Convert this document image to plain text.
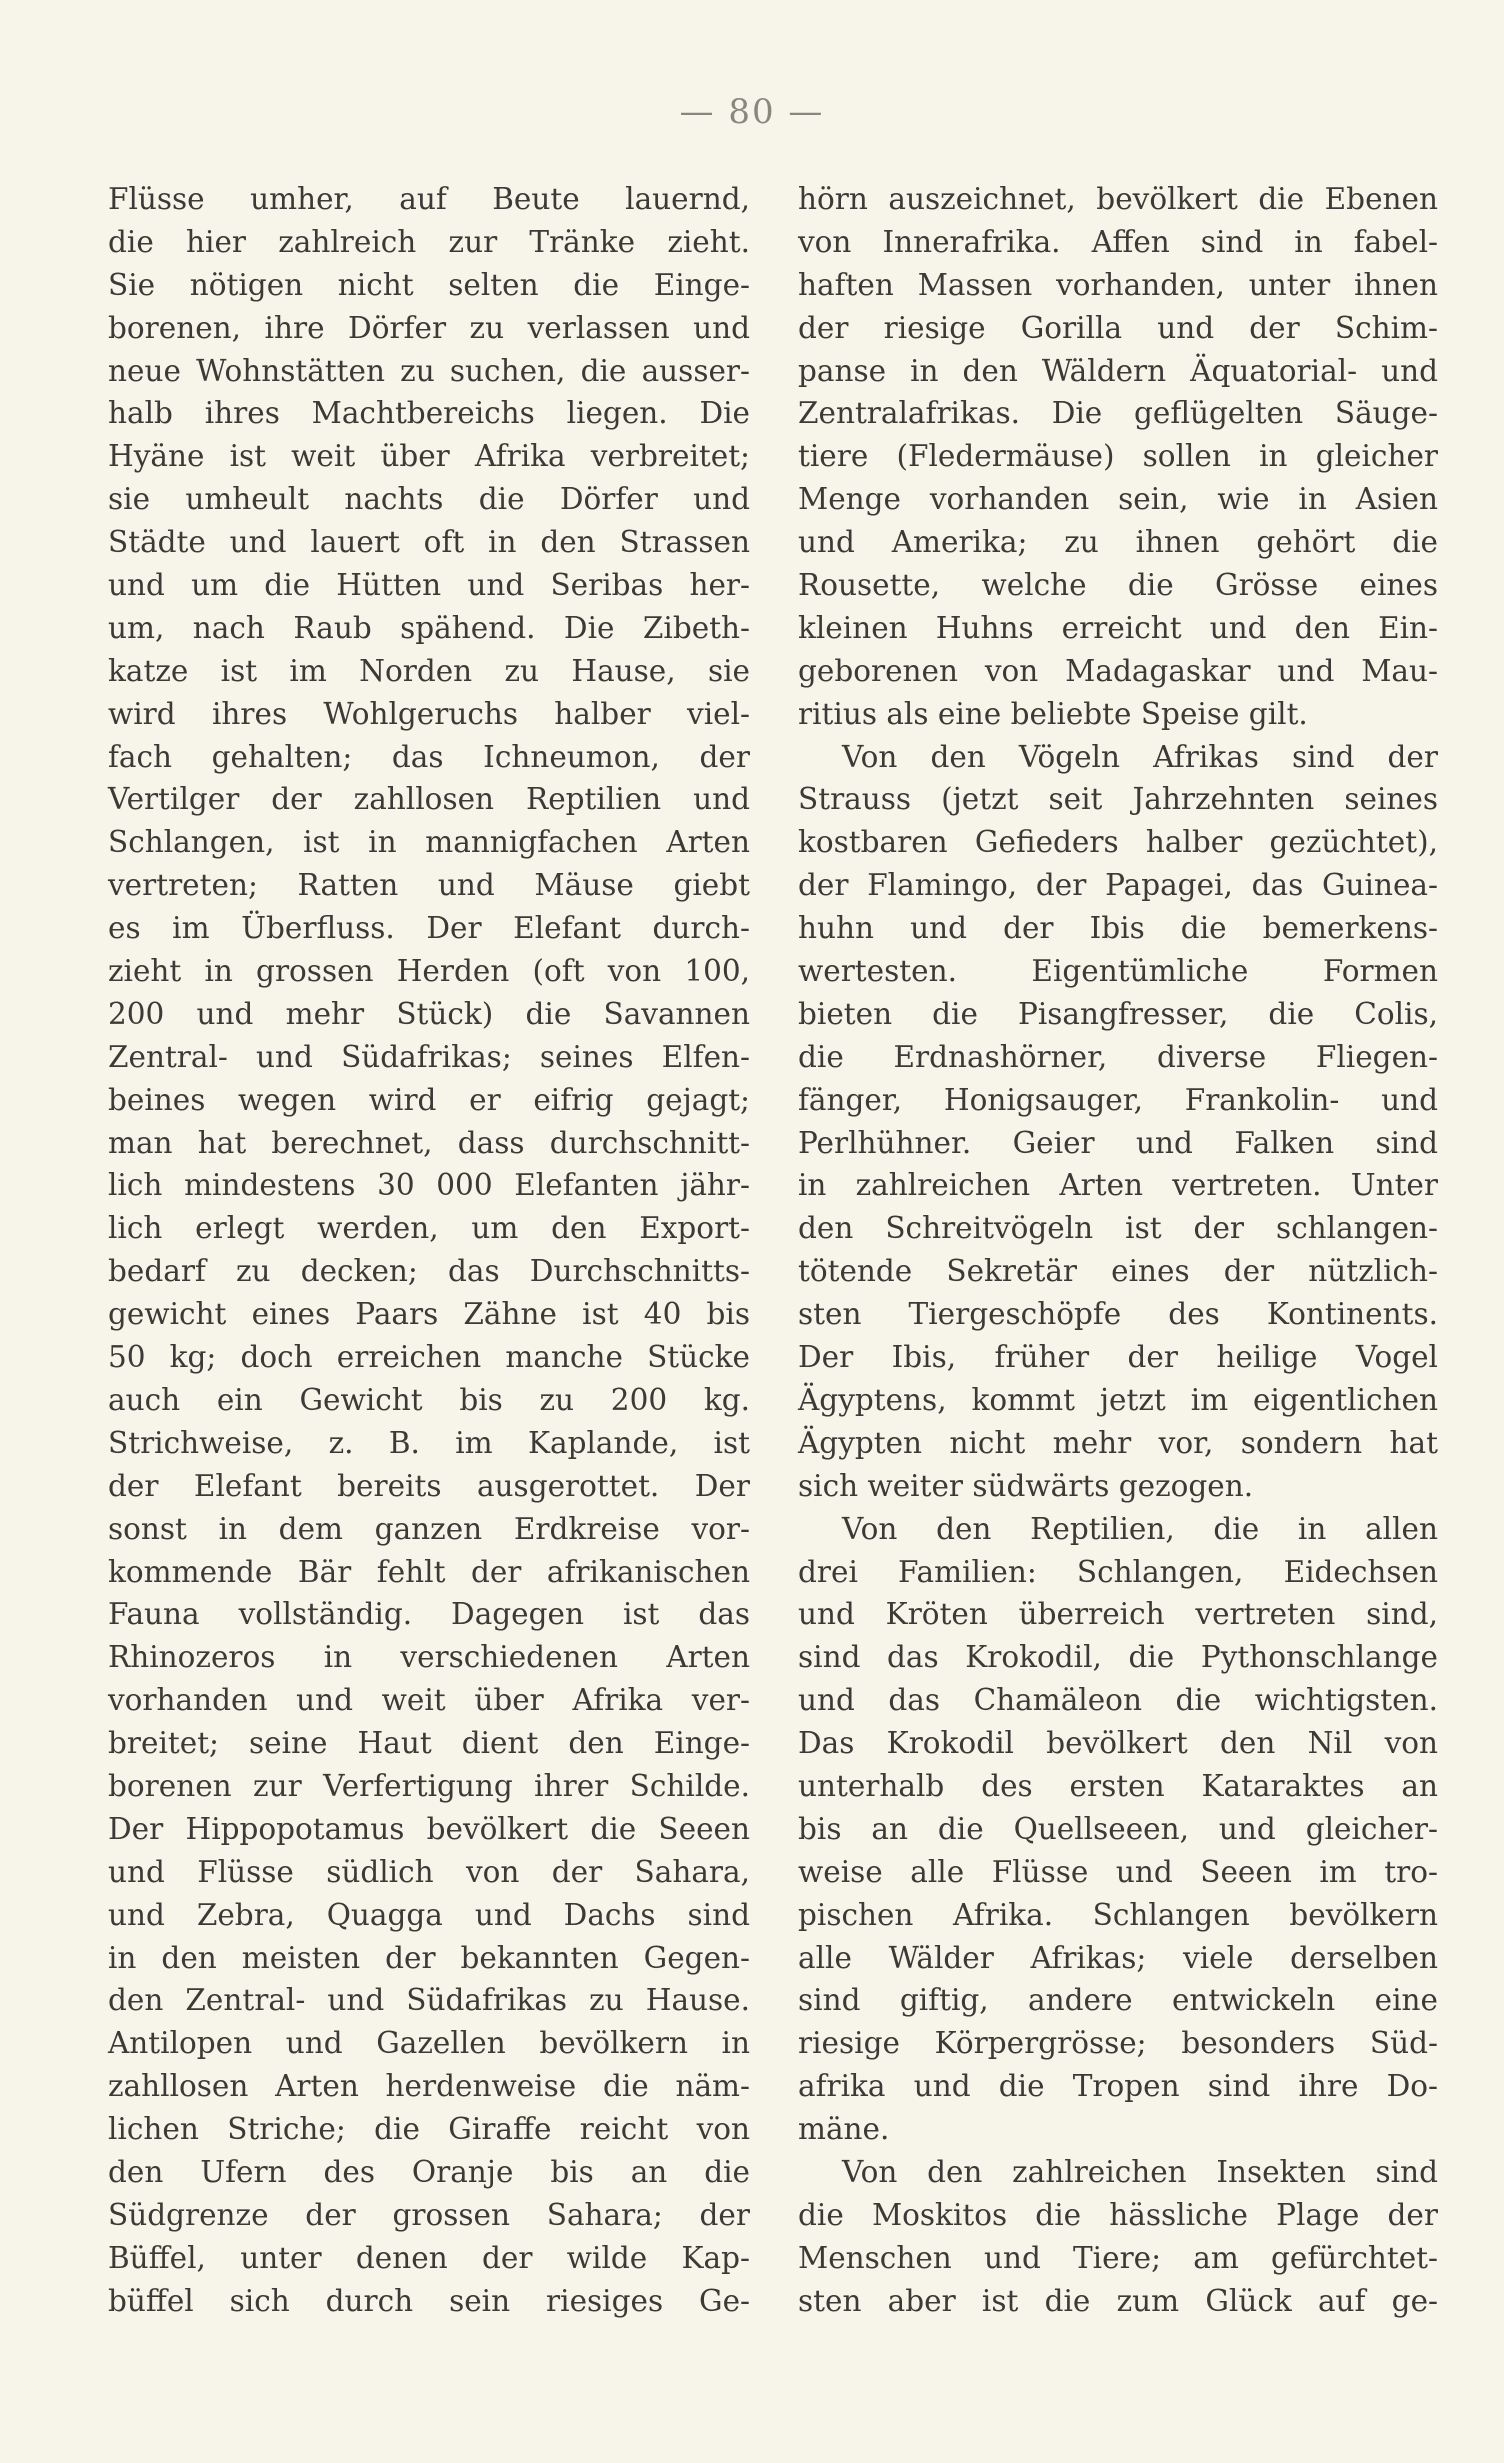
— 80 —
Flüsse umher, auf Beute lauernd,
die hier zahlreich zur Tränke zieht.
Sie nötigen nicht selten die Einge-
borenen, ihre Dörfer zu verlassen und
neue Wohnstätten zu suchen, die ausser-
halb ihres Machtbereichs liegen. Die
Hyäne ist weit über Afrika verbreitet;
sie umheult nachts die Dörfer und
Städte und lauert oft in den Strassen
und um die Hütten und Seribas her-
um, nach Raub spähend. Die Zibeth-
katze ist im Norden zu Hause, sie
wird ihres Wohlgeruchs halber viel-
fach gehalten; das Ichneumon, der
Vertilger der zahllosen Reptilien und
Schlangen, ist in mannigfachen Arten
vertreten; Ratten und Mäuse giebt
es im Überfluss. Der Elefant durch-
zieht in grossen Herden (oft von 100,
200 und mehr Stück) die Savannen
Zentral- und Südafrikas; seines Elfen-
beines wegen wird er eifrig gejagt;
man hat berechnet, dass durchschnitt-
lich mindestens 30 000 Elefanten jähr-
lich erlegt werden, um den Export-
bedarf zu decken; das Durchschnitts-
gewicht eines Paars Zähne ist 40 bis
50 kg; doch erreichen manche Stücke
auch ein Gewicht bis zu 200 kg.
Strichweise, z. B. im Kaplande, ist
der Elefant bereits ausgerottet. Der
sonst in dem ganzen Erdkreise vor-
kommende Bär fehlt der afrikanischen
Fauna vollständig. Dagegen ist das
Rhinozeros in verschiedenen Arten
vorhanden und weit über Afrika ver-
breitet; seine Haut dient den Einge-
borenen zur Verfertigung ihrer Schilde.
Der Hippopotamus bevölkert die Seeen
und Flüsse südlich von der Sahara,
und Zebra, Quagga und Dachs sind
in den meisten der bekannten Gegen-
den Zentral- und Südafrikas zu Hause.
Antilopen und Gazellen bevölkern in
zahllosen Arten herdenweise die näm-
lichen Striche; die Giraffe reicht von
den Ufern des Oranje bis an die
Südgrenze der grossen Sahara; der
Büffel, unter denen der wilde Kap-
büffel sich durch sein riesiges Ge-
hörn auszeichnet, bevölkert die Ebenen
von Innerafrika. Affen sind in fabel-
haften Massen vorhanden, unter ihnen
der riesige Gorilla und der Schim-
panse in den Wäldern Äquatorial- und
Zentralafrikas. Die geflügelten Säuge-
tiere (Fledermäuse) sollen in gleicher
Menge vorhanden sein, wie in Asien
und Amerika; zu ihnen gehört die
Rousette, welche die Grösse eines
kleinen Huhns erreicht und den Ein-
geborenen von Madagaskar und Mau-
ritius als eine beliebte Speise gilt.
Von den Vögeln Afrikas sind der
Strauss (jetzt seit Jahrzehnten seines
kostbaren Gefieders halber gezüchtet),
der Flamingo, der Papagei, das Guinea-
huhn und der Ibis die bemerkens-
wertesten. Eigentümliche Formen
bieten die Pisangfresser, die Colis,
die Erdnashörner, diverse Fliegen-
fänger, Honigsauger, Frankolin- und
Perlhühner. Geier und Falken sind
in zahlreichen Arten vertreten. Unter
den Schreitvögeln ist der schlangen-
tötende Sekretär eines der nützlich-
sten Tiergeschöpfe des Kontinents.
Der Ibis, früher der heilige Vogel
Ägyptens, kommt jetzt im eigentlichen
Ägypten nicht mehr vor, sondern hat
sich weiter südwärts gezogen.
Von den Reptilien, die in allen
drei Familien: Schlangen, Eidechsen
und Kröten überreich vertreten sind,
sind das Krokodil, die Pythonschlange
und das Chamäleon die wichtigsten.
Das Krokodil bevölkert den Nil von
unterhalb des ersten Kataraktes an
bis an die Quellseeen, und gleicher-
weise alle Flüsse und Seeen im tro-
pischen Afrika. Schlangen bevölkern
alle Wälder Afrikas; viele derselben
sind giftig, andere entwickeln eine
riesige Körpergrösse; besonders Süd-
afrika und die Tropen sind ihre Do-
mäne.
Von den zahlreichen Insekten sind
die Moskitos die hässliche Plage der
Menschen und Tiere; am gefürchtet-
sten aber ist die zum Glück auf ge-
